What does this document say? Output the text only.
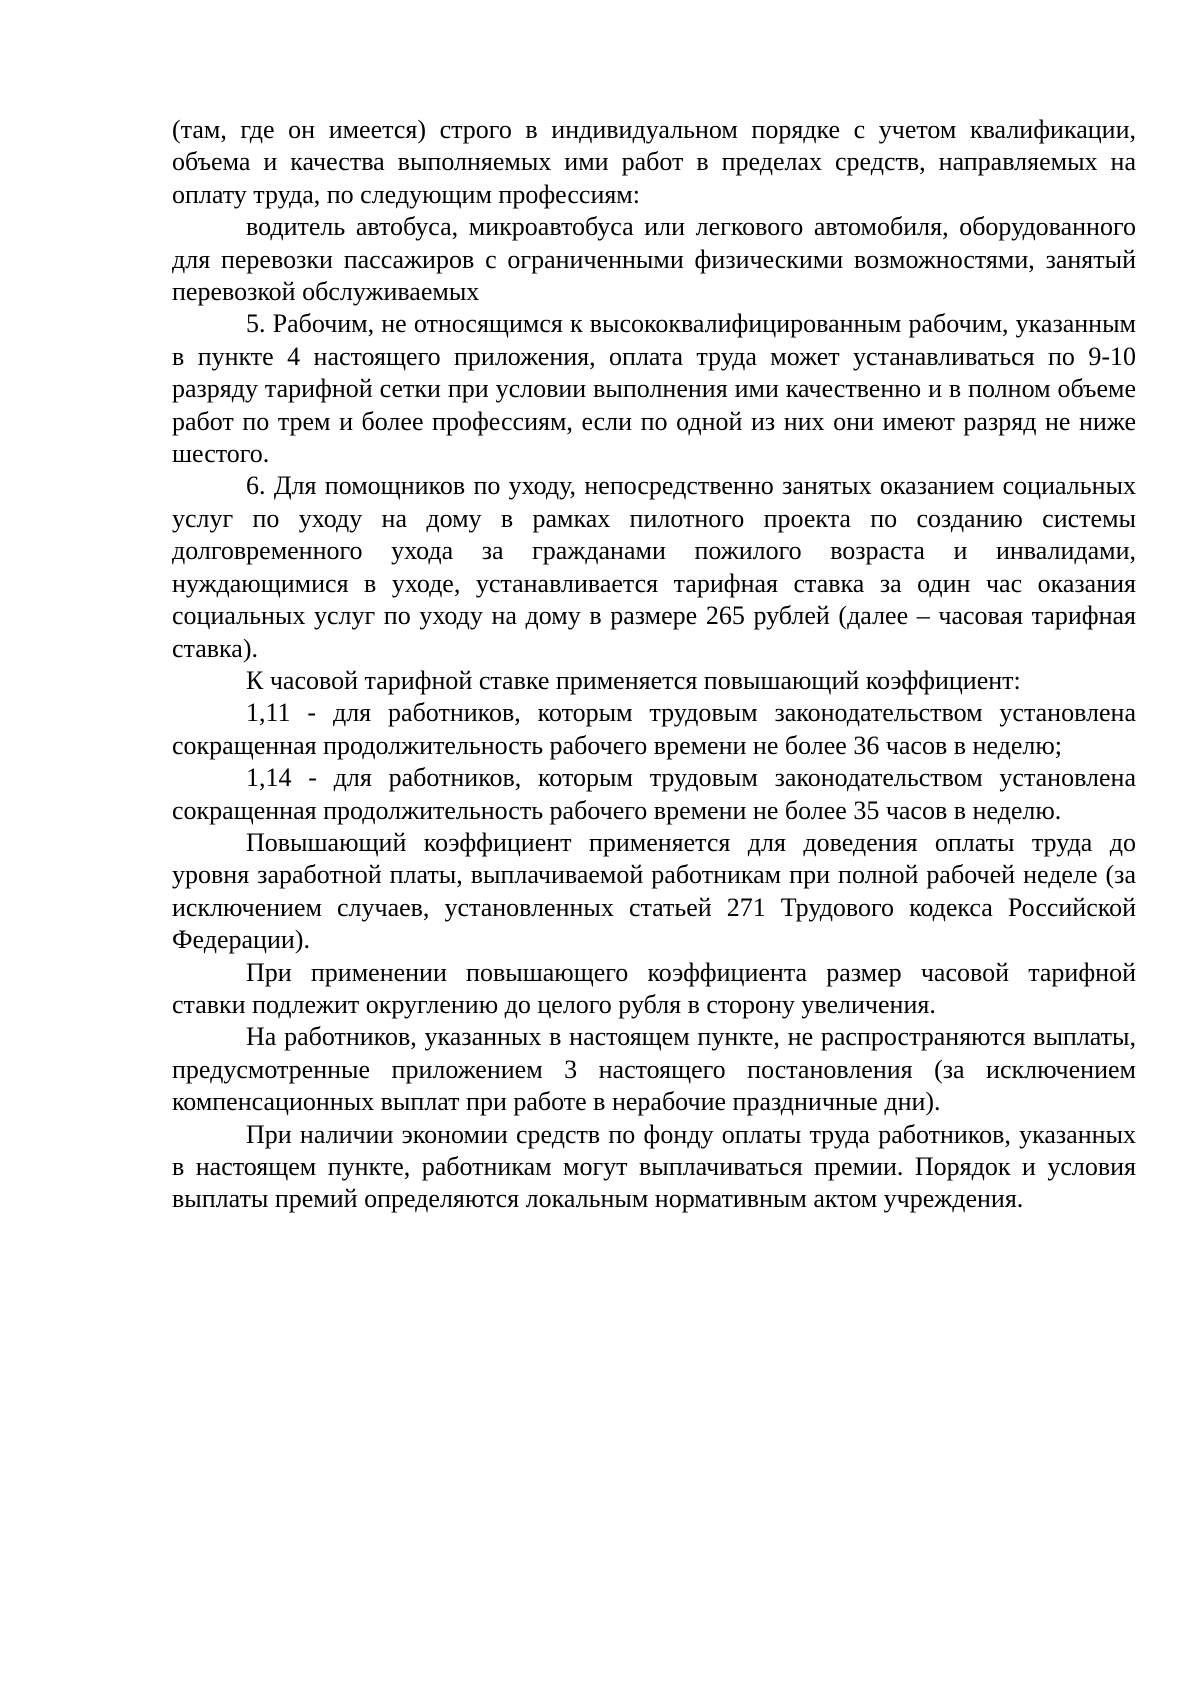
(там, где он имеется) строго в индивидуальном порядке с учетом квалификации, объема и качества выполняемых ими работ в пределах средств, направляемых на оплату труда, по следующим профессиям:

водитель автобуса, микроавтобуса или легкового автомобиля, оборудованного для перевозки пассажиров с ограниченными физическими возможностями, занятый перевозкой обслуживаемых

5. Рабочим, не относящимся к высококвалифицированным рабочим, указанным в пункте 4 настоящего приложения, оплата труда может устанавливаться по 9-10 разряду тарифной сетки при условии выполнения ими качественно и в полном объеме работ по трем и более профессиям, если по одной из них они имеют разряд не ниже шестого.

6. Для помощников по уходу, непосредственно занятых оказанием социальных услуг по уходу на дому в рамках пилотного проекта по созданию системы долговременного ухода за гражданами пожилого возраста и инвалидами, нуждающимися в уходе, устанавливается тарифная ставка за один час оказания социальных услуг по уходу на дому в размере 265 рублей (далее – часовая тарифная ставка).

К часовой тарифной ставке применяется повышающий коэффициент:

1,11 - для работников, которым трудовым законодательством установлена сокращенная продолжительность рабочего времени не более 36 часов в неделю;

1,14 - для работников, которым трудовым законодательством установлена сокращенная продолжительность рабочего времени не более 35 часов в неделю.

Повышающий коэффициент применяется для доведения оплаты труда до уровня заработной платы, выплачиваемой работникам при полной рабочей неделе (за исключением случаев, установленных статьей 271 Трудового кодекса Российской Федерации).

При применении повышающего коэффициента размер часовой тарифной ставки подлежит округлению до целого рубля в сторону увеличения.

На работников, указанных в настоящем пункте, не распространяются выплаты, предусмотренные приложением 3 настоящего постановления (за исключением компенсационных выплат при работе в нерабочие праздничные дни).

При наличии экономии средств по фонду оплаты труда работников, указанных в настоящем пункте, работникам могут выплачиваться премии. Порядок и условия выплаты премий определяются локальным нормативным актом учреждения.
